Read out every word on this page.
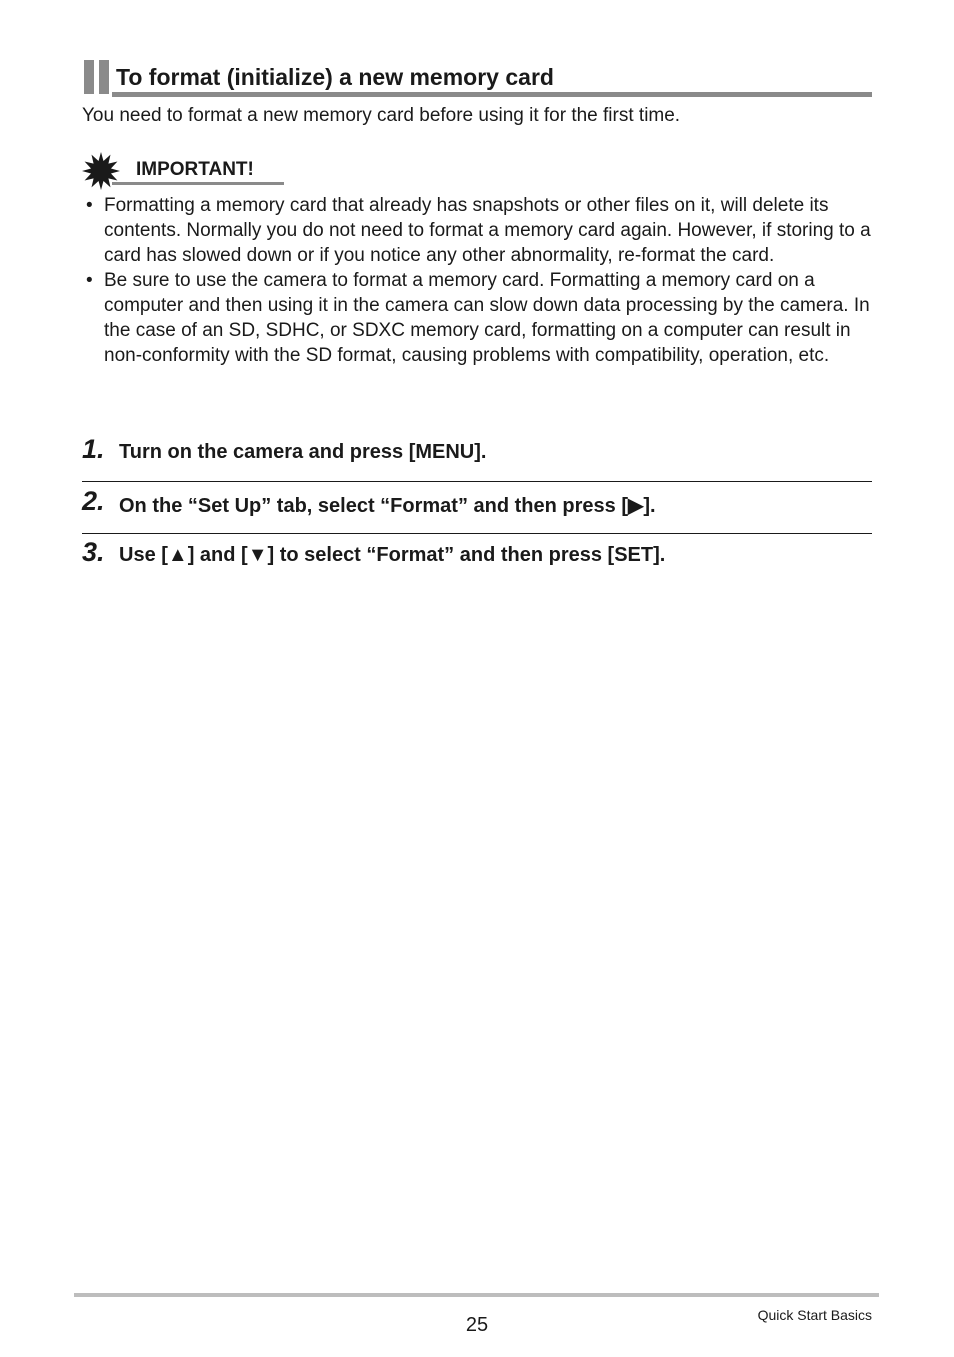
To format (initialize) a new memory card
You need to format a new memory card before using it for the first time.
IMPORTANT!
• Formatting a memory card that already has snapshots or other files on it, will delete its contents. Normally you do not need to format a memory card again. However, if storing to a card has slowed down or if you notice any other abnormality, re-format the card.
• Be sure to use the camera to format a memory card. Formatting a memory card on a computer and then using it in the camera can slow down data processing by the camera. In the case of an SD, SDHC, or SDXC memory card, formatting on a computer can result in non-conformity with the SD format, causing problems with compatibility, operation, etc.
1. Turn on the camera and press [MENU].
2. On the “Set Up” tab, select “Format” and then press [▶].
3. Use [▲] and [▼] to select “Format” and then press [SET].
25	Quick Start Basics
